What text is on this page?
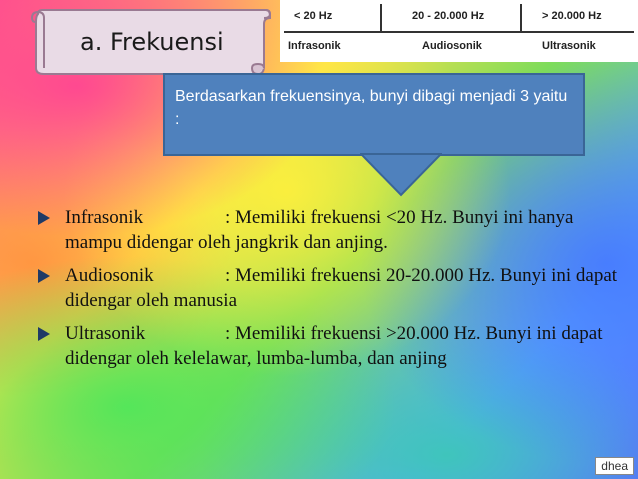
a. Frekuensi
< 20 Hz	20 - 20.000 Hz	> 20.000 Hz
Infrasonik	Audiosonik	Ultrasonik
Berdasarkan frekuensinya, bunyi dibagi menjadi 3 yaitu :
Infrasonik	: Memiliki frekuensi <20 Hz. Bunyi ini hanya mampu didengar oleh jangkrik dan anjing.
Audiosonik	: Memiliki frekuensi 20-20.000 Hz. Bunyi ini dapat didengar oleh manusia
Ultrasonik	: Memiliki frekuensi >20.000 Hz. Bunyi ini dapat didengar oleh kelelawar, lumba-lumba, dan anjing
dhea
